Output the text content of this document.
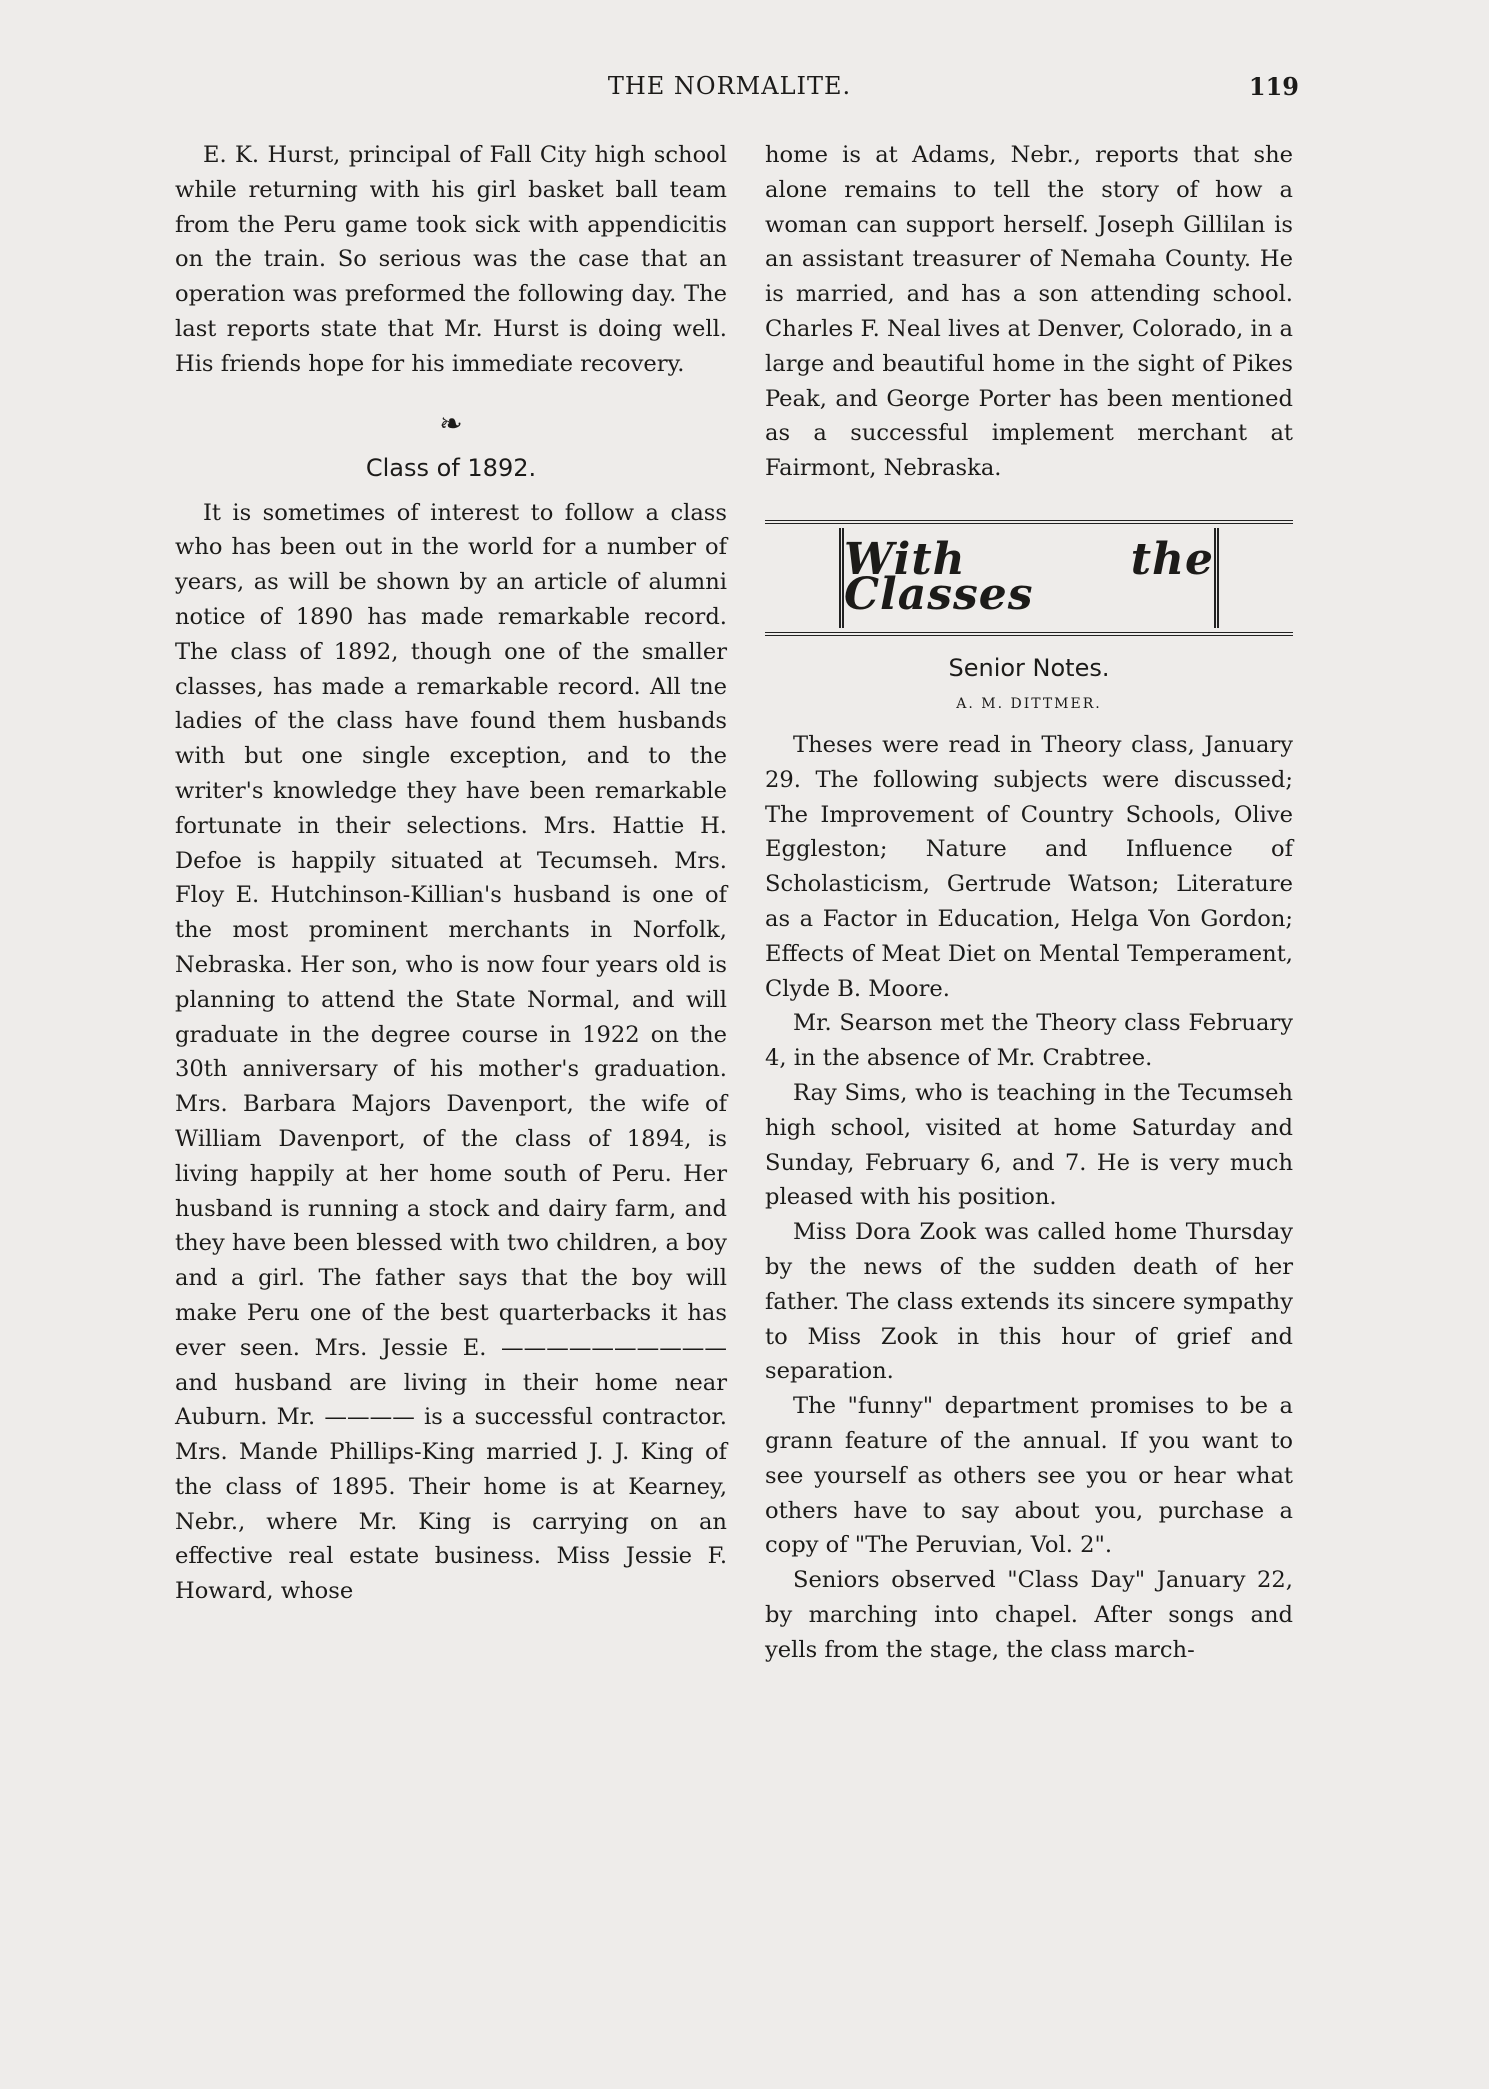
THE NORMALITE.	119

E. K. Hurst, principal of Fall City high school while returning with his girl basket ball team from the Peru game took sick with appendicitis on the train. So serious was the case that an operation was preformed the following day. The last reports state that Mr. Hurst is doing well. His friends hope for his immediate recovery.

❧
Class of 1892.

It is sometimes of interest to follow a class who has been out in the world for a number of years, as will be shown by an article of alumni notice of 1890 has made remarkable record. The class of 1892, though one of the smaller classes, has made a remarkable record. All tne ladies of the class have found them husbands with but one single exception, and to the writer's knowledge they have been remarkable fortunate in their selections. Mrs. Hattie H. Defoe is happily situated at Tecumseh. Mrs. Floy E. Hutchinson-Killian's husband is one of the most prominent merchants in Norfolk, Nebraska. Her son, who is now four years old is planning to attend the State Normal, and will graduate in the degree course in 1922 on the 30th anniversary of his mother's graduation. Mrs. Barbara Majors Davenport, the wife of William Davenport, of the class of 1894, is living happily at her home south of Peru. Her husband is running a stock and dairy farm, and they have been blessed with two children, a boy and a girl. The father says that the boy will make Peru one of the best quarterbacks it has ever seen. Mrs. Jessie E. —————————— and husband are living in their home near Auburn. Mr. ———— is a successful contractor. Mrs. Mande Phillips-King married J. J. King of the class of 1895. Their home is at Kearney, Nebr., where Mr. King is carrying on an effective real estate business. Miss Jessie F. Howard, whose

home is at Adams, Nebr., reports that she alone remains to tell the story of how a woman can support herself. Joseph Gillilan is an assistant treasurer of Nemaha County. He is married, and has a son attending school. Charles F. Neal lives at Denver, Colorado, in a large and beautiful home in the sight of Pikes Peak, and George Porter has been mentioned as a successful implement merchant at Fairmont, Nebraska.

With the Classes
Senior Notes.
A. M. DITTMER.

Theses were read in Theory class, January 29. The following subjects were discussed; The Improvement of Country Schools, Olive Eggleston; Nature and Influence of Scholasticism, Gertrude Watson; Literature as a Factor in Education, Helga Von Gordon; Effects of Meat Diet on Mental Temperament, Clyde B. Moore.

Mr. Searson met the Theory class February 4, in the absence of Mr. Crabtree.

Ray Sims, who is teaching in the Tecumseh high school, visited at home Saturday and Sunday, February 6, and 7. He is very much pleased with his position.

Miss Dora Zook was called home Thursday by the news of the sudden death of her father. The class extends its sincere sympathy to Miss Zook in this hour of grief and separation.

The "funny" department promises to be a grann feature of the annual. If you want to see yourself as others see you or hear what others have to say about you, purchase a copy of "The Peruvian, Vol. 2".

Seniors observed "Class Day" January 22, by marching into chapel. After songs and yells from the stage, the class march-
